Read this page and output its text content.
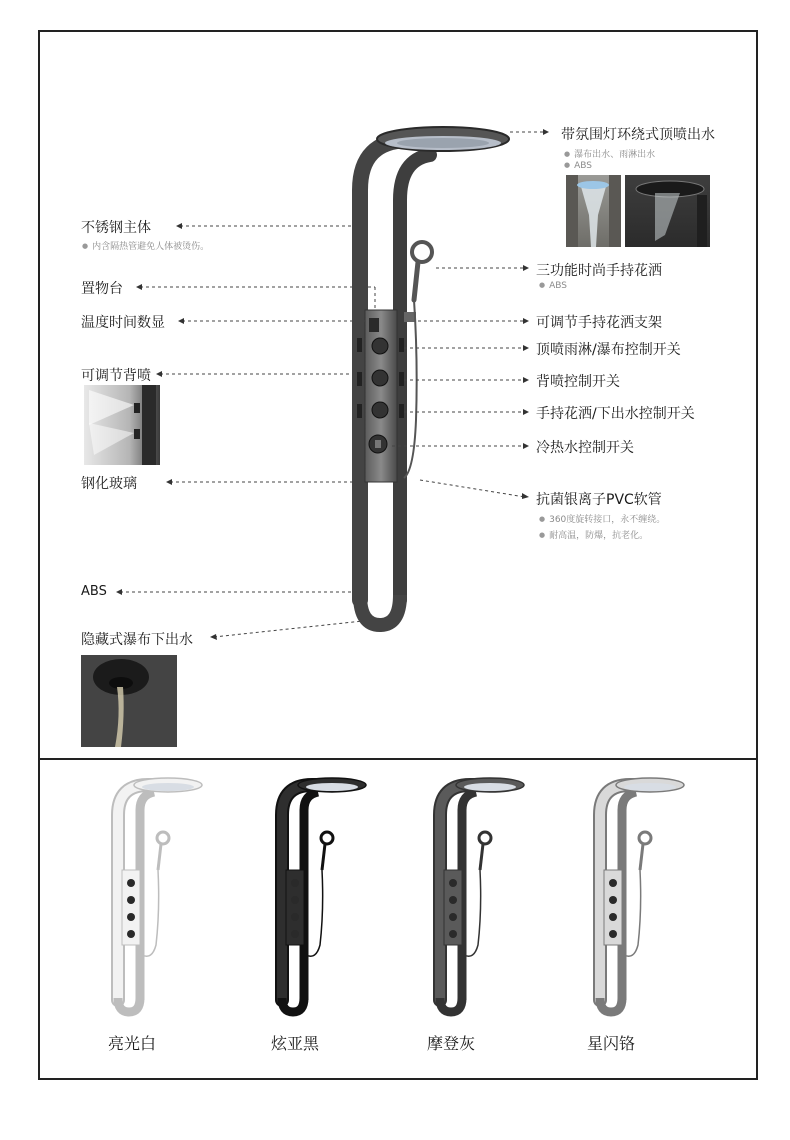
不锈钢主体
● 内含隔热管避免人体被烫伤。
置物台
温度时间数显
可调节背喷
钢化玻璃
ABS
隐藏式瀑布下出水
带氛围灯环绕式顶喷出水
● 瀑布出水、雨淋出水
● ABS
三功能时尚手持花洒
● ABS
可调节手持花洒支架
顶喷雨淋/瀑布控制开关
背喷控制开关
手持花洒/下出水控制开关
冷热水控制开关
抗菌银离子PVC软管
● 360度旋转接口，永不缠绕。
● 耐高温，防爆，抗老化。
亮光白	炫亚黑	摩登灰	星闪铬
